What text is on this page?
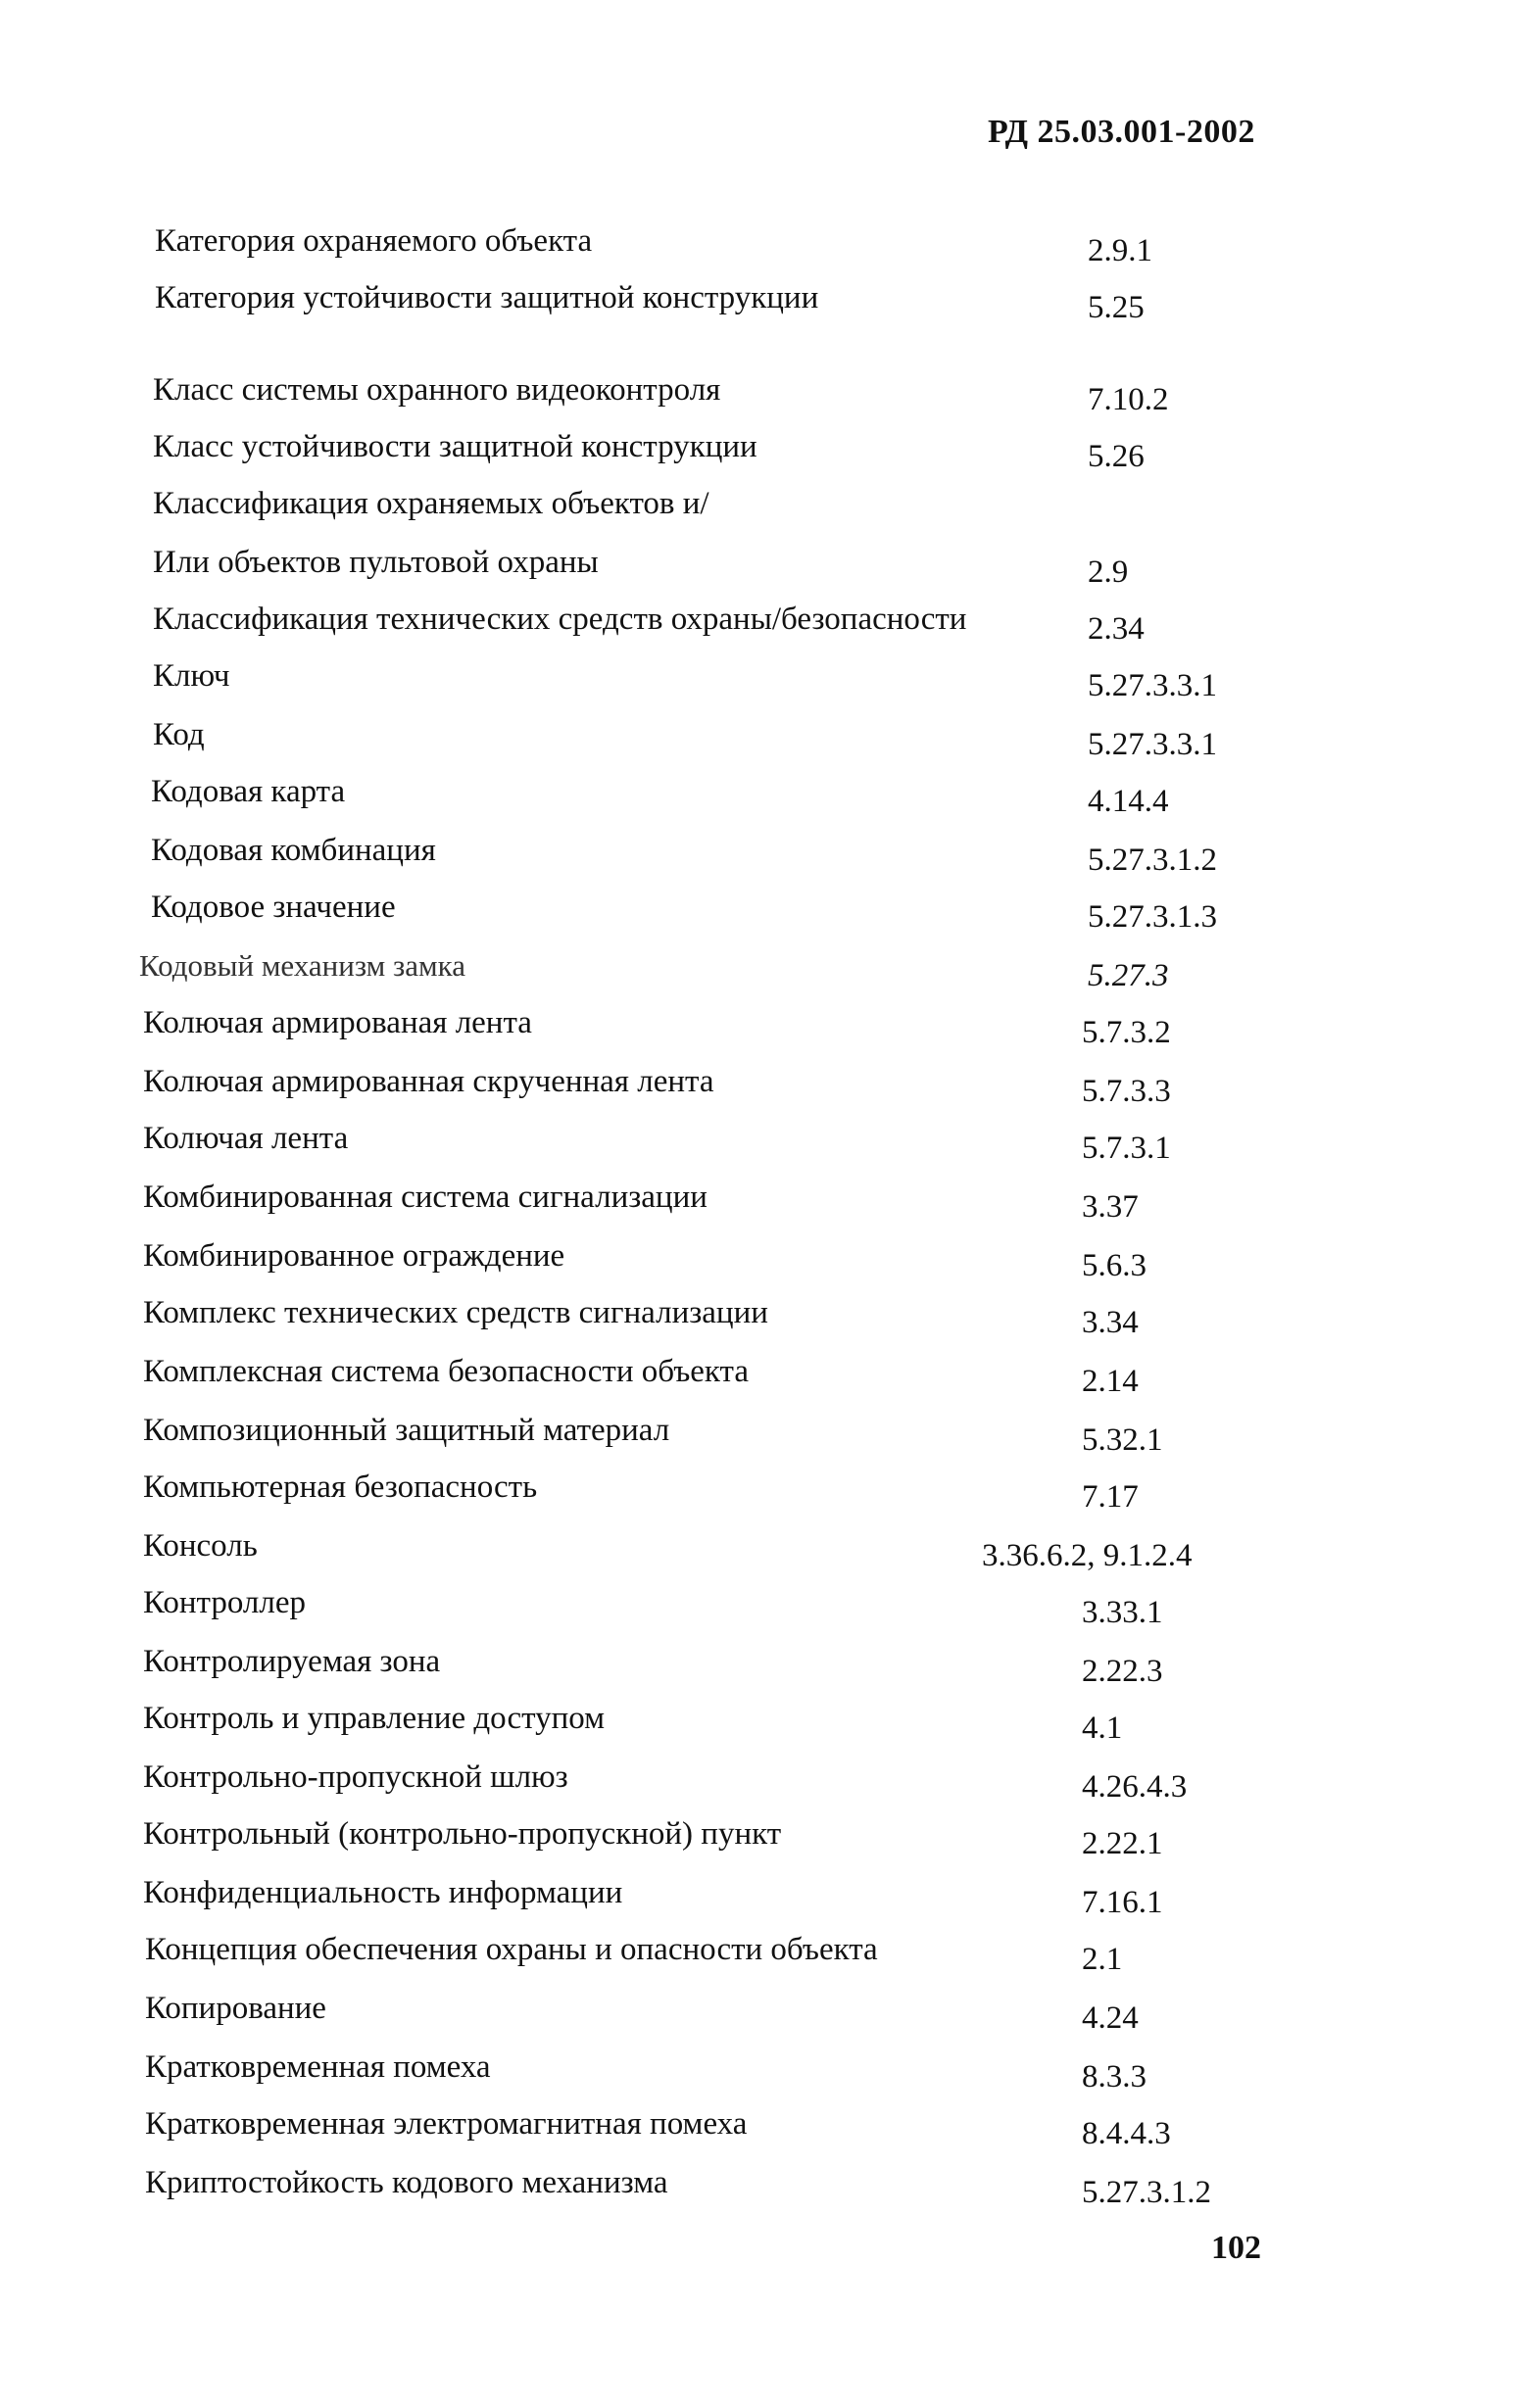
РД 25.03.001-2002
Категория охраняемого объекта	2.9.1
Категория устойчивости защитной конструкции	5.25
Класс системы охранного видеоконтроля	7.10.2
Класс устойчивости защитной конструкции	5.26
Классификация охраняемых объектов и/
Или объектов пультовой охраны	2.9
Классификация технических средств охраны/безопасности	2.34
Ключ	5.27.3.3.1
Код	5.27.3.3.1
Кодовая карта	4.14.4
Кодовая комбинация	5.27.3.1.2
Кодовое значение	5.27.3.1.3
Кодовый механизм замка	5.27.3
Колючая армированая лента	5.7.3.2
Колючая армированная скрученная лента	5.7.3.3
Колючая лента	5.7.3.1
Комбинированная система сигнализации	3.37
Комбинированное ограждение	5.6.3
Комплекс технических средств сигнализации	3.34
Комплексная система безопасности объекта	2.14
Композиционный защитный материал	5.32.1
Компьютерная безопасность	7.17
Консоль	3.36.6.2, 9.1.2.4
Контроллер	3.33.1
Контролируемая зона	2.22.3
Контроль и управление доступом	4.1
Контрольно-пропускной шлюз	4.26.4.3
Контрольный (контрольно-пропускной) пункт	2.22.1
Конфиденциальность информации	7.16.1
Концепция обеспечения охраны и опасности объекта	2.1
Копирование	4.24
Кратковременная помеха	8.3.3
Кратковременная электромагнитная помеха	8.4.4.3
Криптостойкость кодового механизма	5.27.3.1.2
102
